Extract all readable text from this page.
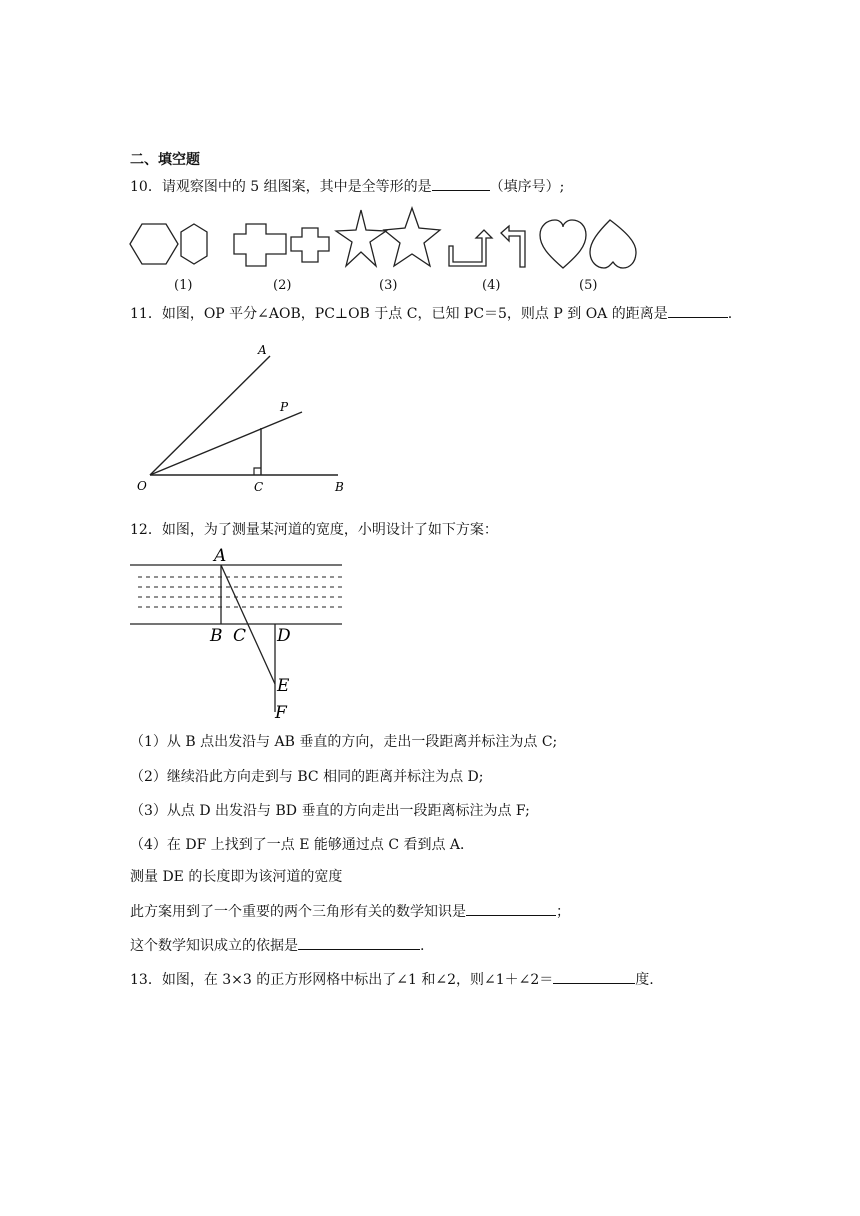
二、填空题
10．请观察图中的 5 组图案，其中是全等形的是	（填序号）;
(1)	(2)	(3)	(4)	(5)
11．如图，OP 平分∠AOB，PC⊥OB 于点 C，已知 PC＝5，则点 P 到 OA 的距离是	.
A
P
O	C	B
12．如图，为了测量某河道的宽度，小明设计了如下方案：
A
B C D
E
F
（1）从 B 点出发沿与 AB 垂直的方向，走出一段距离并标注为点 C;
（2）继续沿此方向走到与 BC 相同的距离并标注为点 D;
（3）从点 D 出发沿与 BD 垂直的方向走出一段距离标注为点 F;
（4）在 DF 上找到了一点 E 能够通过点 C 看到点 A．
测量 DE 的长度即为该河道的宽度
此方案用到了一个重要的两个三角形有关的数学知识是	；
这个数学知识成立的依据是	.
13．如图，在 3×3 的正方形网格中标出了∠1 和∠2，则∠1＋∠2＝	度.
